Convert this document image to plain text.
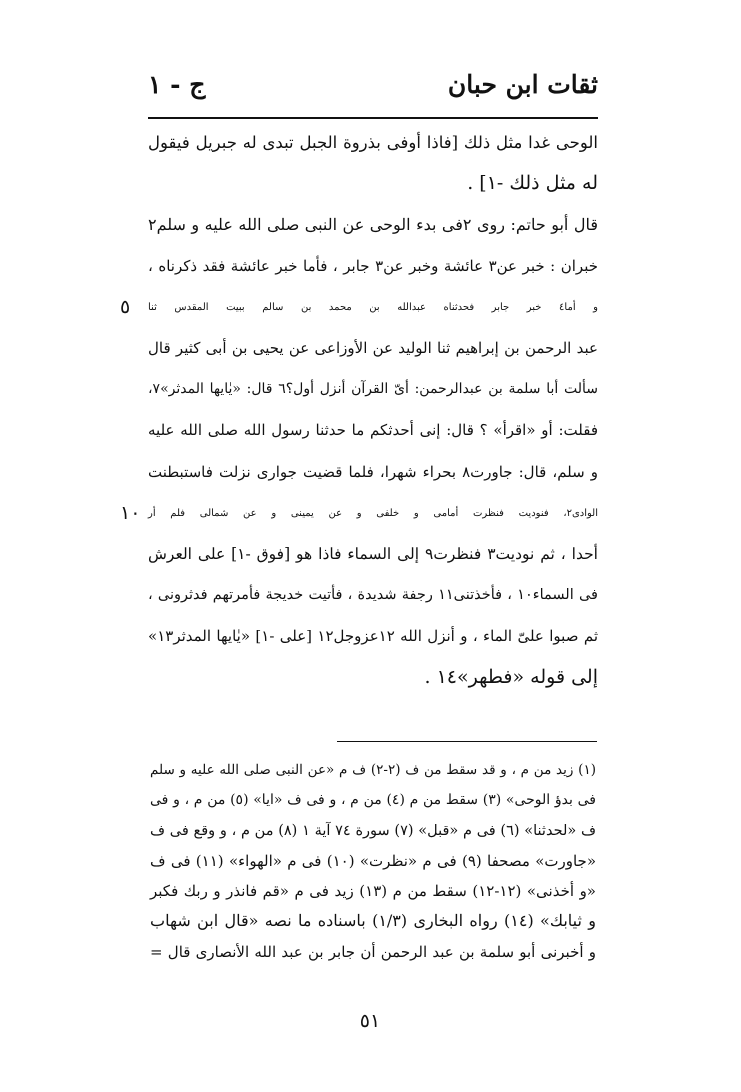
ثقات ابن حبان
ج - ١
الوحى غدا مثل ذلك [فاذا أوفى بذروة الجبل تبدى له جبريل فيقول
له مثل ذلك -١] .
قال أبو حاتم: روى ٢فى بدء الوحى عن النبى صلى الله عليه و سلم٢
خبران : خبر عن٣ عائشة وخبر عن٣ جابر ، فأما خبر عائشة فقد ذكرناه ،
و أما٤ خبر جابر فحدثناه عبدالله بن محمد بن سالم ببيت المقدس ثنا
٥
عبد الرحمن بن إبراهيم ثنا الوليد عن الأوزاعى عن يحيى بن أبى كثير قال
سألت أبا سلمة بن عبدالرحمن: أىّ القرآن أنزل أول؟٦ قال: «يٰايها المدثر»٧،
فقلت: أو «اقرأ» ؟ قال: إنى أحدثكم ما حدثنا رسول الله صلى الله عليه
و سلم، قال: جاورت٨ بحراء شهرا، فلما قضيت جوارى نزلت فاستبطنت
الوادى٢، فنوديت فنظرت أمامى و خلفى و عن يمينى و عن شمالى فلم أر
١٠
أحدا ، ثم نوديت٣ فنظرت٩ إلى السماء فاذا هو [فوق -١] على العرش
فى السماء١٠ ، فأخذتنى١١ رجفة شديدة ، فأتيت خديجة فأمرتهم فدثرونى ،
ثم صبوا علىّ الماء ، و أنزل الله ١٢عزوجل١٢ [على -١] «يٰايها المدثر١٣»
إلى قوله «فطهر»١٤ .
(١) زيد من م ، و قد سقط من ف (٢-٢) ف م «عن النبى صلى الله عليه و سلم
فى بدؤ الوحى» (٣) سقط من م (٤) من م ، و فى ف «ايا» (٥) من م ، و فى
ف «لحدثنا» (٦) فى م «قبل» (٧) سورة ٧٤ آية ١ (٨) من م ، و وقع فى ف
«جاورت» مصحفا (٩) فى م «نظرت» (١٠) فى م «الهواء» (١١) فى ف
«و أخذنى» (١٢-١٢) سقط من م (١٣) زيد فى م «قم فانذر و ربك فكبر
و ثيابك» (١٤) رواه البخارى (١/٣) باسناده ما نصه «قال ابن شهاب
و أخبرنى أبو سلمة بن عبد الرحمن أن جابر بن عبد الله الأنصارى قال =
٥١
